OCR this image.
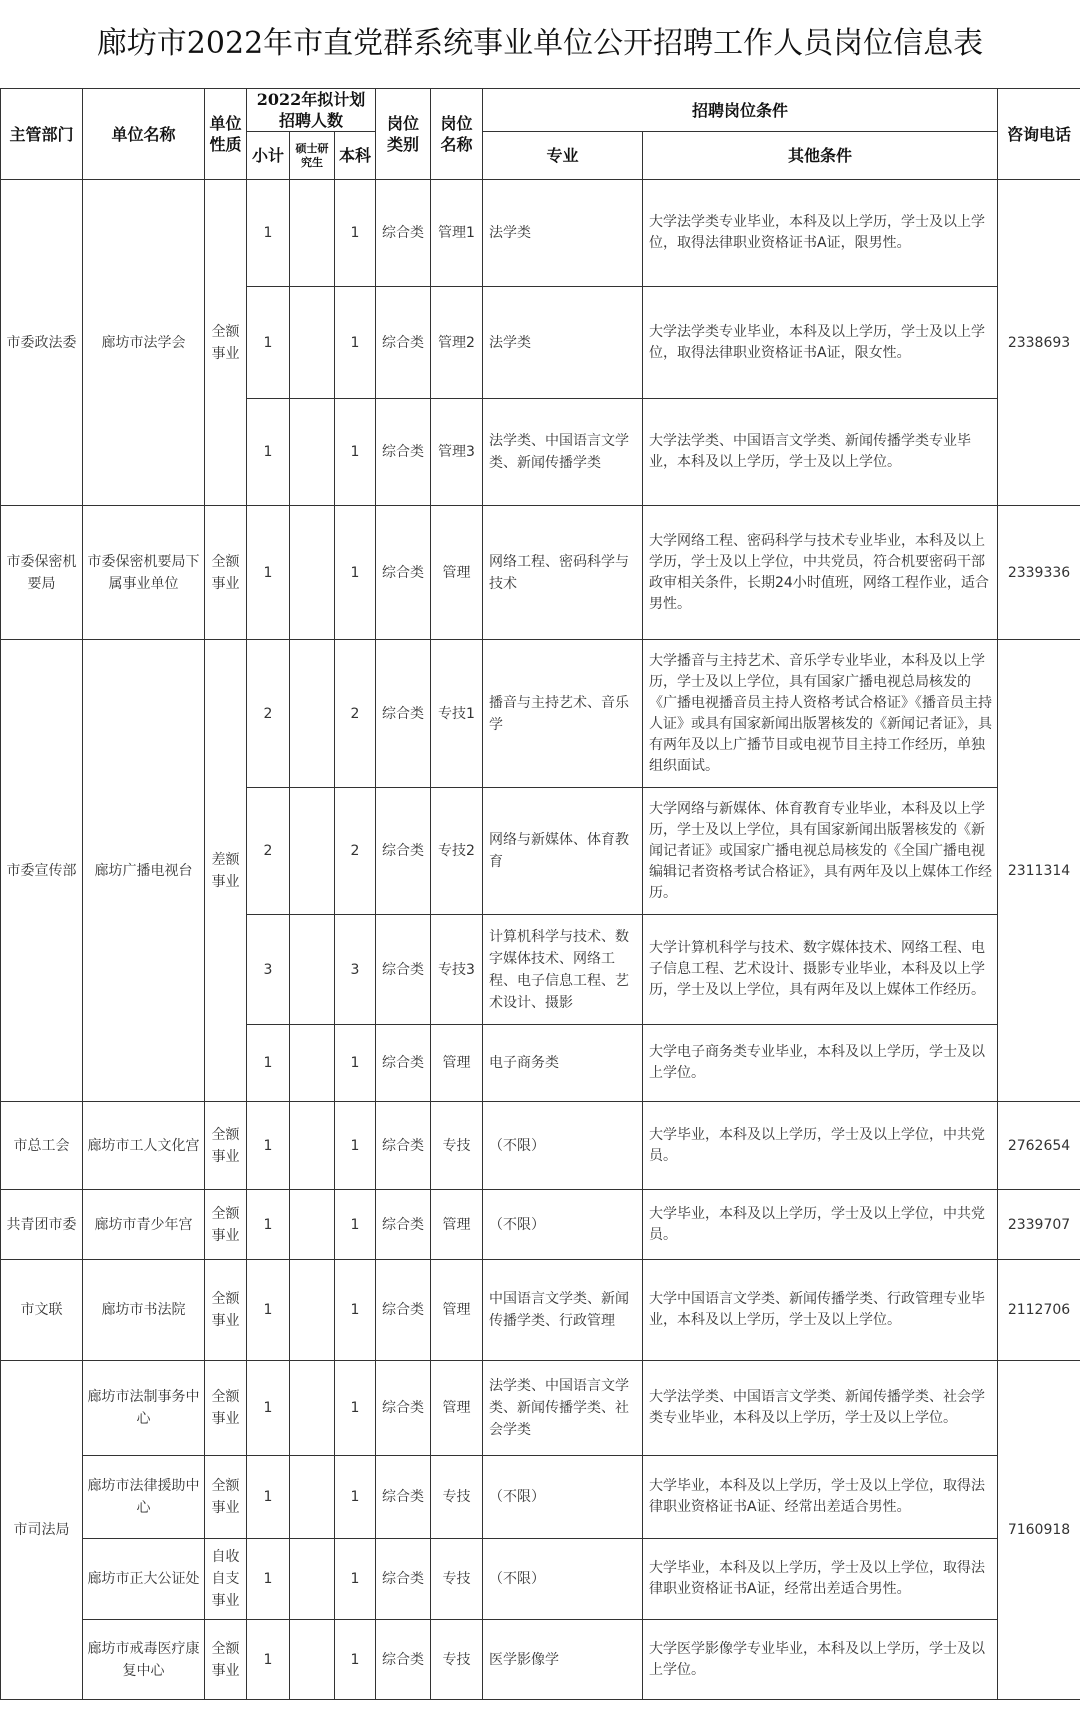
廊坊市2022年市直党群系统事业单位公开招聘工作人员岗位信息表
主管部门	单位名称	单位性质	2022年拟计划招聘人数			岗位类别	岗位名称	招聘岗位条件		咨询电话
			小计	硕士研究生	本科			专业	其他条件	
市委政法委	廊坊市法学会	全额事业	1		1	综合类	管理1	法学类	大学法学类专业毕业，本科及以上学历，学士及以上学位，取得法律职业资格证书A证，限男性。	2338693
			1		1	综合类	管理2	法学类	大学法学类专业毕业，本科及以上学历，学士及以上学位，取得法律职业资格证书A证，限女性。	
			1		1	综合类	管理3	法学类、中国语言文学类、新闻传播学类	大学法学类、中国语言文学类、新闻传播学类专业毕业，本科及以上学历，学士及以上学位。	
市委保密机要局	市委保密机要局下属事业单位	全额事业	1		1	综合类	管理	网络工程、密码科学与技术	大学网络工程、密码科学与技术专业毕业，本科及以上学历，学士及以上学位，中共党员，符合机要密码干部政审相关条件，长期24小时值班，网络工程作业，适合男性。	2339336
市委宣传部	廊坊广播电视台	差额事业	2		2	综合类	专技1	播音与主持艺术、音乐学	大学播音与主持艺术、音乐学专业毕业，本科及以上学历，学士及以上学位，具有国家广播电视总局核发的《广播电视播音员主持人资格考试合格证》《播音员主持人证》或具有国家新闻出版署核发的《新闻记者证》，具有两年及以上广播节目或电视节目主持工作经历，单独组织面试。	2311314
			2		2	综合类	专技2	网络与新媒体、体育教育	大学网络与新媒体、体育教育专业毕业，本科及以上学历，学士及以上学位，具有国家新闻出版署核发的《新闻记者证》或国家广播电视总局核发的《全国广播电视编辑记者资格考试合格证》，具有两年及以上媒体工作经历。	
			3		3	综合类	专技3	计算机科学与技术、数字媒体技术、网络工程、电子信息工程、艺术设计、摄影	大学计算机科学与技术、数字媒体技术、网络工程、电子信息工程、艺术设计、摄影专业毕业，本科及以上学历，学士及以上学位，具有两年及以上媒体工作经历。	
			1		1	综合类	管理	电子商务类	大学电子商务类专业毕业，本科及以上学历，学士及以上学位。	
市总工会	廊坊市工人文化宫	全额事业	1		1	综合类	专技	（不限）	大学毕业，本科及以上学历，学士及以上学位，中共党员。	2762654
共青团市委	廊坊市青少年宫	全额事业	1		1	综合类	管理	（不限）	大学毕业，本科及以上学历，学士及以上学位，中共党员。	2339707
市文联	廊坊市书法院	全额事业	1		1	综合类	管理	中国语言文学类、新闻传播学类、行政管理	大学中国语言文学类、新闻传播学类、行政管理专业毕业，本科及以上学历，学士及以上学位。	2112706
市司法局	廊坊市法制事务中心	全额事业	1		1	综合类	管理	法学类、中国语言文学类、新闻传播学类、社会学类	大学法学类、中国语言文学类、新闻传播学类、社会学类专业毕业，本科及以上学历，学士及以上学位。	7160918
	廊坊市法律援助中心	全额事业	1		1	综合类	专技	（不限）	大学毕业，本科及以上学历，学士及以上学位，取得法律职业资格证书A证、经常出差适合男性。	
	廊坊市正大公证处	自收自支事业	1		1	综合类	专技	（不限）	大学毕业，本科及以上学历，学士及以上学位，取得法律职业资格证书A证，经常出差适合男性。	
	廊坊市戒毒医疗康复中心	全额事业	1		1	综合类	专技	医学影像学	大学医学影像学专业毕业，本科及以上学历，学士及以上学位。	
